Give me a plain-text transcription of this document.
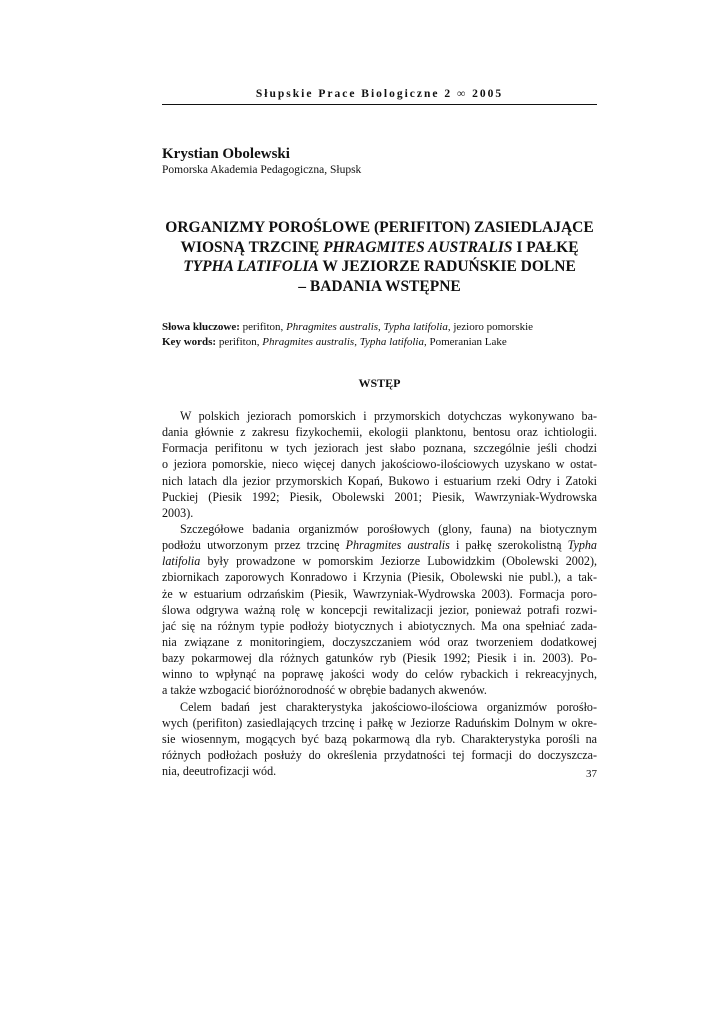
Słupskie Prace Biologiczne 2 ∞ 2005
Krystian Obolewski
Pomorska Akademia Pedagogiczna, Słupsk
ORGANIZMY POROŚLOWE (PERIFITON) ZASIEDLAJĄCE
WIOSNĄ TRZCINĘ PHRAGMITES AUSTRALIS I PAŁKĘ
TYPHA LATIFOLIA W JEZIORZE RADUŃSKIE DOLNE
– BADANIA WSTĘPNE
Słowa kluczowe: perifiton, Phragmites australis, Typha latifolia, jezioro pomorskie
Key words: perifiton, Phragmites australis, Typha latifolia, Pomeranian Lake
WSTĘP
W polskich jeziorach pomorskich i przymorskich dotychczas wykonywano ba-
dania głównie z zakresu fizykochemii, ekologii planktonu, bentosu oraz ichtiologii.
Formacja perifitonu w tych jeziorach jest słabo poznana, szczególnie jeśli chodzi
o jeziora pomorskie, nieco więcej danych jakościowo-ilościowych uzyskano w ostat-
nich latach dla jezior przymorskich Kopań, Bukowo i estuarium rzeki Odry i Zatoki
Puckiej (Piesik 1992; Piesik, Obolewski 2001; Piesik, Wawrzyniak-Wydrowska
2003).
Szczegółowe badania organizmów porośłowych (glony, fauna) na biotycznym
podłożu utworzonym przez trzcinę Phragmites australis i pałkę szerokolistną Typha
latifolia były prowadzone w pomorskim Jeziorze Lubowidzkim (Obolewski 2002),
zbiornikach zaporowych Konradowo i Krzynia (Piesik, Obolewski nie publ.), a tak-
że w estuarium odrzańskim (Piesik, Wawrzyniak-Wydrowska 2003). Formacja poro-
ślowa odgrywa ważną rolę w koncepcji rewitalizacji jezior, ponieważ potrafi rozwi-
jać się na różnym typie podłoży biotycznych i abiotycznych. Ma ona spełniać zada-
nia związane z monitoringiem, doczyszczaniem wód oraz tworzeniem dodatkowej
bazy pokarmowej dla różnych gatunków ryb (Piesik 1992; Piesik i in. 2003). Po-
winno to wpłynąć na poprawę jakości wody do celów rybackich i rekreacyjnych,
a także wzbogacić bioróżnorodność w obrębie badanych akwenów.
Celem badań jest charakterystyka jakościowo-ilościowa organizmów porośło-
wych (perifiton) zasiedlających trzcinę i pałkę w Jeziorze Raduńskim Dolnym w okre-
sie wiosennym, mogących być bazą pokarmową dla ryb. Charakterystyka porośli na
różnych podłożach posłuży do określenia przydatności tej formacji do doczyszcza-
nia, deeutrofizacji wód.	37
